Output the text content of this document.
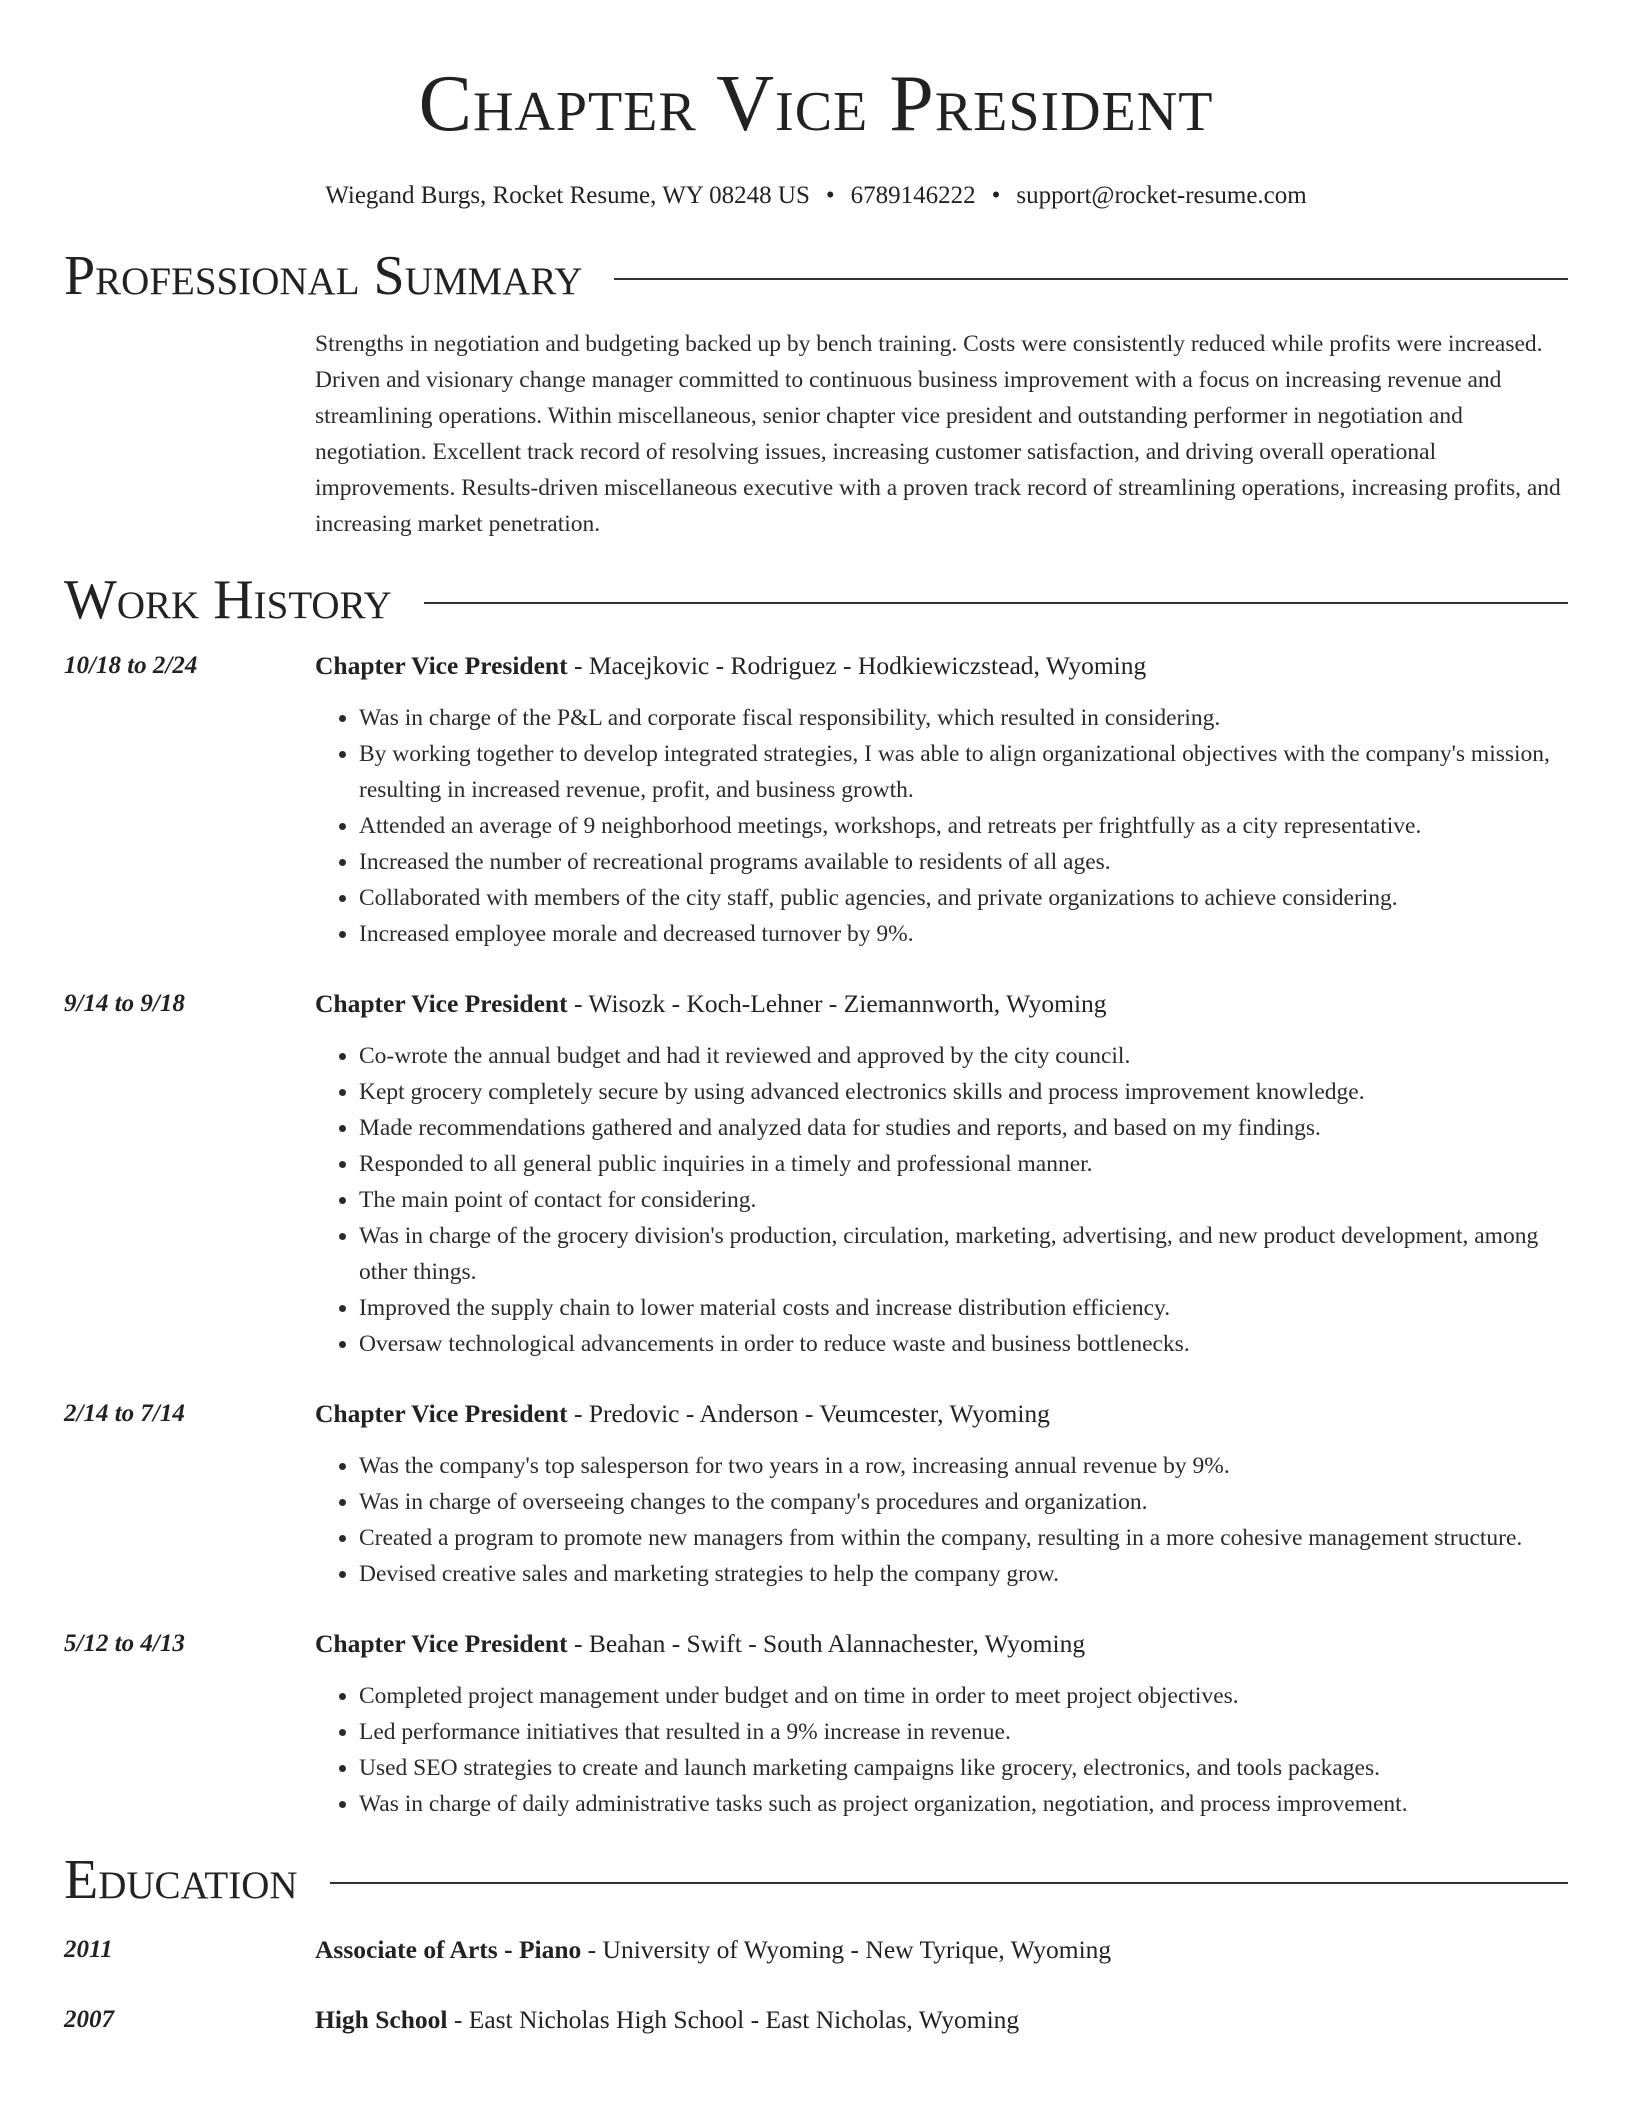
Chapter Vice President
Wiegand Burgs, Rocket Resume, WY 08248 US • 6789146222 • support@rocket-resume.com
Professional Summary
Strengths in negotiation and budgeting backed up by bench training. Costs were consistently reduced while profits were increased. Driven and visionary change manager committed to continuous business improvement with a focus on increasing revenue and streamlining operations. Within miscellaneous, senior chapter vice president and outstanding performer in negotiation and negotiation. Excellent track record of resolving issues, increasing customer satisfaction, and driving overall operational improvements. Results-driven miscellaneous executive with a proven track record of streamlining operations, increasing profits, and increasing market penetration.
Work History
10/18 to 2/24	Chapter Vice President - Macejkovic - Rodriguez - Hodkiewiczstead, Wyoming
• Was in charge of the P&L and corporate fiscal responsibility, which resulted in considering.
• By working together to develop integrated strategies, I was able to align organizational objectives with the company's mission, resulting in increased revenue, profit, and business growth.
• Attended an average of 9 neighborhood meetings, workshops, and retreats per frightfully as a city representative.
• Increased the number of recreational programs available to residents of all ages.
• Collaborated with members of the city staff, public agencies, and private organizations to achieve considering.
• Increased employee morale and decreased turnover by 9%.
9/14 to 9/18	Chapter Vice President - Wisozk - Koch-Lehner - Ziemannworth, Wyoming
• Co-wrote the annual budget and had it reviewed and approved by the city council.
• Kept grocery completely secure by using advanced electronics skills and process improvement knowledge.
• Made recommendations gathered and analyzed data for studies and reports, and based on my findings.
• Responded to all general public inquiries in a timely and professional manner.
• The main point of contact for considering.
• Was in charge of the grocery division's production, circulation, marketing, advertising, and new product development, among other things.
• Improved the supply chain to lower material costs and increase distribution efficiency.
• Oversaw technological advancements in order to reduce waste and business bottlenecks.
2/14 to 7/14	Chapter Vice President - Predovic - Anderson - Veumcester, Wyoming
• Was the company's top salesperson for two years in a row, increasing annual revenue by 9%.
• Was in charge of overseeing changes to the company's procedures and organization.
• Created a program to promote new managers from within the company, resulting in a more cohesive management structure.
• Devised creative sales and marketing strategies to help the company grow.
5/12 to 4/13	Chapter Vice President - Beahan - Swift - South Alannachester, Wyoming
• Completed project management under budget and on time in order to meet project objectives.
• Led performance initiatives that resulted in a 9% increase in revenue.
• Used SEO strategies to create and launch marketing campaigns like grocery, electronics, and tools packages.
• Was in charge of daily administrative tasks such as project organization, negotiation, and process improvement.
Education
2011	Associate of Arts - Piano - University of Wyoming - New Tyrique, Wyoming
2007	High School - East Nicholas High School - East Nicholas, Wyoming
